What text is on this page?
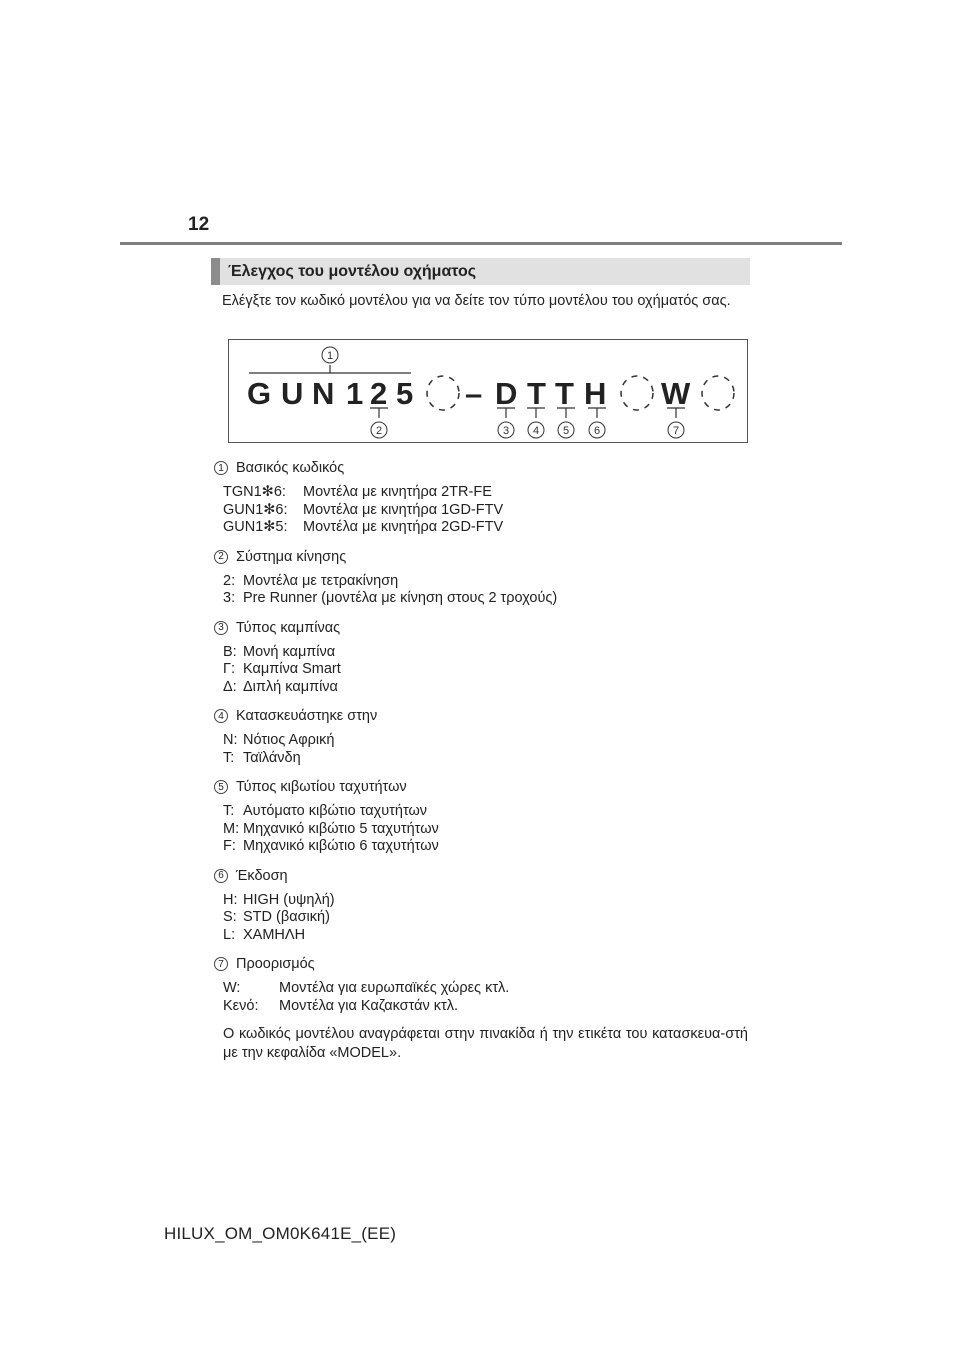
12
Έλεγχος του μοντέλου οχήματος
Ελέγξτε τον κωδικό μοντέλου για να δείτε τον τύπο μοντέλου του οχήματός σας.
1
G U N 1 2 5 – D T T H W
2	3 4 5 6	7
1 Βασικός κωδικός
TGN1✻6:	Μοντέλα με κινητήρα 2TR-FE
GUN1✻6:	Μοντέλα με κινητήρα 1GD-FTV
GUN1✻5:	Μοντέλα με κινητήρα 2GD-FTV
2 Σύστημα κίνησης
2: Μοντέλα με τετρακίνηση
3: Pre Runner (μοντέλα με κίνηση στους 2 τροχούς)
3 Τύπος καμπίνας
B: Μονή καμπίνα
Γ: Καμπίνα Smart
Δ: Διπλή καμπίνα
4 Κατασκευάστηκε στην
N: Νότιος Αφρική
T: Ταϊλάνδη
5 Τύπος κιβωτίου ταχυτήτων
T: Αυτόματο κιβώτιο ταχυτήτων
M: Μηχανικό κιβώτιο 5 ταχυτήτων
F: Μηχανικό κιβώτιο 6 ταχυτήτων
6 Έκδοση
H: HIGH (υψηλή)
S: STD (βασική)
L: ΧΑΜΗΛΗ
7 Προορισμός
W:	Μοντέλα για ευρωπαϊκές χώρες κτλ.
Κενό:	Μοντέλα για Καζακστάν κτλ.
Ο κωδικός μοντέλου αναγράφεται στην πινακίδα ή την ετικέτα του κατασκευα-στή με την κεφαλίδα «MODEL».
HILUX_OM_OM0K641E_(EE)
